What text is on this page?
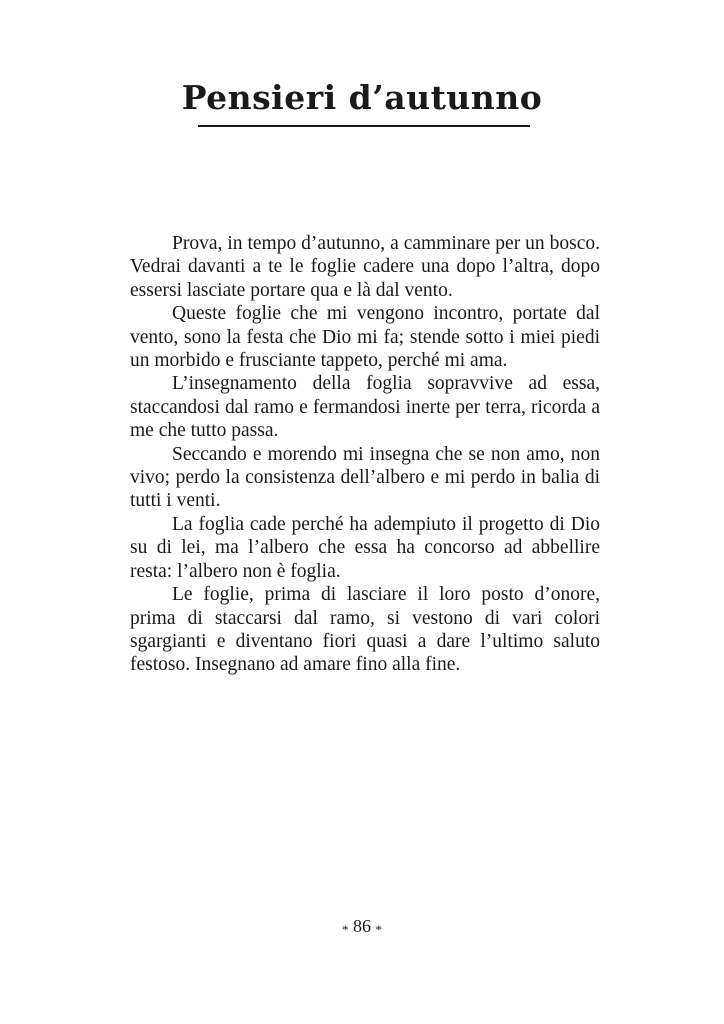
Pensieri d’autunno

Prova, in tempo d’autunno, a camminare per un bosco. Vedrai davanti a te le foglie cadere una dopo l’altra, dopo essersi lasciate portare qua e là dal vento.

Queste foglie che mi vengono incontro, portate dal vento, sono la festa che Dio mi fa; stende sotto i miei piedi un morbido e frusciante tappeto, perché mi ama.

L’insegnamento della foglia sopravvive ad essa, staccandosi dal ramo e fermandosi inerte per terra, ricorda a me che tutto passa.

Seccando e morendo mi insegna che se non amo, non vivo; perdo la consistenza dell’albero e mi perdo in balia di tutti i venti.

La foglia cade perché ha adempiuto il progetto di Dio su di lei, ma l’albero che essa ha concorso ad abbellire resta: l’albero non è foglia.

Le foglie, prima di lasciare il loro posto d’onore, prima di staccarsi dal ramo, si vestono di vari colori sgargianti e diventano fiori quasi a dare l’ultimo saluto festoso. Insegnano ad amare fino alla fine.

* 86 *
